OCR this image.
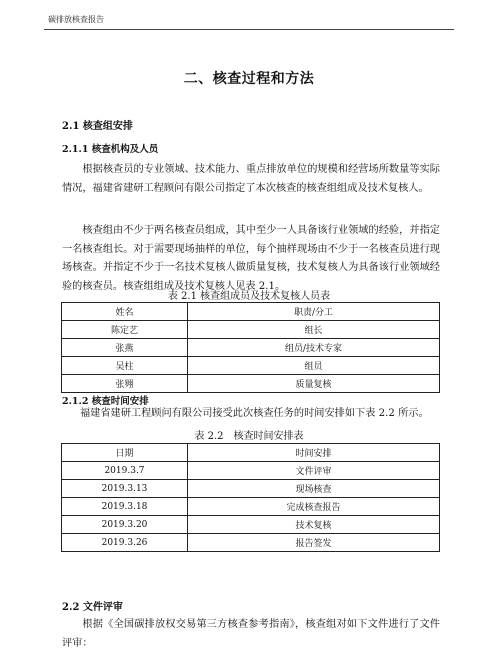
碳排放核查报告
二、核查过程和方法
2.1 核查组安排
2.1.1 核查机构及人员
根据核查员的专业领域、技术能力、重点排放单位的规模和经营场所数量等实际情况，福建省建研工程顾问有限公司指定了本次核查的核查组组成及技术复核人。
核查组由不少于两名核查员组成，其中至少一人具备该行业领域的经验，并指定一名核查组长。对于需要现场抽样的单位，每个抽样现场由不少于一名核查员进行现场核查。并指定不少于一名技术复核人做质量复核，技术复核人为具备该行业领域经验的核查员。核查组组成及技术复核人见表 2.1。
表 2.1 核查组成员及技术复核人员表
姓名	职责/分工
陈定艺	组长
张燕	组员/技术专家
吴柱	组员
张翙	质量复核
2.1.2 核查时间安排
福建省建研工程顾问有限公司接受此次核查任务的时间安排如下表 2.2 所示。
表 2.2　核查时间安排表
日期	时间安排
2019.3.7	文件评审
2019.3.13	现场核查
2019.3.18	完成核查报告
2019.3.20	技术复核
2019.3.26	报告签发
2.2 文件评审
根据《全国碳排放权交易第三方核查参考指南》，核查组对如下文件进行了文件评审：
